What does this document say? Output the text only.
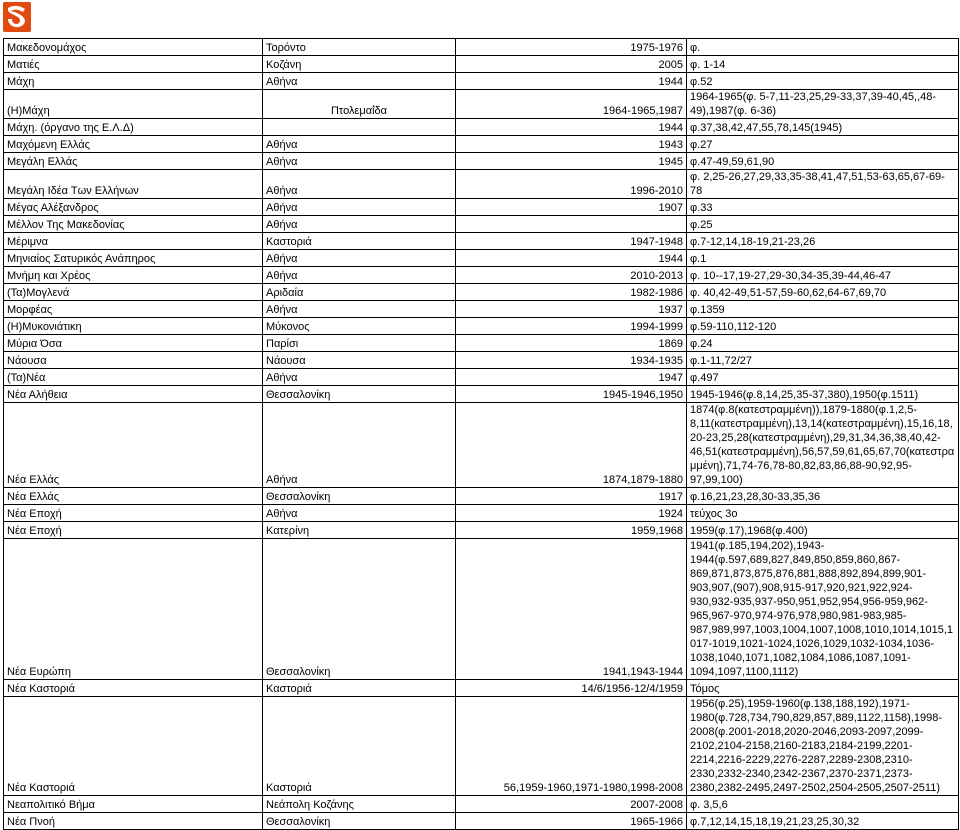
Μακεδονομάχος	Τορόντο	1975-1976	φ.
Ματιές	Κοζάνη	2005	φ. 1-14
Μάχη	Αθήνα	1944	φ.52
(Η)Μάχη	Πτολεμαΐδα	1964-1965,1987	1964-1965(φ. 5-7,11-23,25,29-33,37,39-40,45,,48-49),1987(φ. 6-36)
Μάχη. (όργανο της Ε.Λ.Δ)		1944	φ.37,38,42,47,55,78,145(1945)
Μαχόμενη Ελλάς	Αθήνα	1943	φ.27
Μεγάλη Ελλάς	Αθήνα	1945	φ.47-49,59,61,90
Μεγάλη Ιδέα Των Ελλήνων	Αθήνα	1996-2010	φ. 2,25-26,27,29,33,35-38,41,47,51,53-63,65,67-69-78
Μέγας Αλέξανδρος	Αθήνα	1907	φ.33
Μέλλον Της Μακεδονίας	Αθήνα		φ.25
Μέριμνα	Καστοριά	1947-1948	φ.7-12,14,18-19,21-23,26
Μηνιαίος Σατυρικός Ανάπηρος	Αθήνα	1944	φ.1
Μνήμη και Χρέος	Αθήνα	2010-2013	φ. 10--17,19-27,29-30,34-35,39-44,46-47
(Τα)Μογλενά	Αριδαία	1982-1986	φ. 40,42-49,51-57,59-60,62,64-67,69,70
Μορφέας	Αθήνα	1937	φ.1359
(Η)Μυκονιάτικη	Μύκονος	1994-1999	φ.59-110,112-120
Μύρια Όσα	Παρίσι	1869	φ.24
Νάουσα	Νάουσα	1934-1935	φ.1-11,72/27
(Τα)Νέα	Αθήνα	1947	φ.497
Νέα Αλήθεια	Θεσσαλονίκη	1945-1946,1950	1945-1946(φ.8,14,25,35-37,380),1950(φ.1511)
Νέα Ελλάς	Αθήνα	1874,1879-1880	1874(φ.8(κατεστραμμένη)),1879-1880(φ.1,2,5-8,11(κατεστραμμένη),13,14(κατεστραμμένη),15,16,18,20-23,25,28(κατεστραμμένη),29,31,34,36,38,40,42-46,51(κατεστραμμένη),56,57,59,61,65,67,70(κατεστραμμένη),71,74-76,78-80,82,83,86,88-90,92,95-97,99,100)
Νέα Ελλάς	Θεσσαλονίκη	1917	φ.16,21,23,28,30-33,35,36
Νέα Εποχή	Αθήνα	1924	τεύχος 3ο
Νέα Εποχή	Κατερίνη	1959,1968	1959(φ.17),1968(φ.400)
Νέα Ευρώπη	Θεσσαλονίκη	1941,1943-1944	1941(φ.185,194,202),1943-1944(φ.597,689,827,849,850,859,860,867-869,871,873,875,876,881,888,892,894,899,901-903,907,(907),908,915-917,920,921,922,924-930,932-935,937-950,951,952,954,956-959,962-965,967-970,974-976,978,980,981-983,985-987,989,997,1003,1004,1007,1008,1010,1014,1015,1017-1019,1021-1024,1026,1029,1032-1034,1036-1038,1040,1071,1082,1084,1086,1087,1091-1094,1097,1100,1112)
Νέα Καστοριά	Καστοριά	14/6/1956-12/4/1959	Τόμος
Νέα Καστοριά	Καστοριά	56,1959-1960,1971-1980,1998-2008	1956(φ.25),1959-1960(φ.138,188,192),1971-1980(φ.728,734,790,829,857,889,1122,1158),1998-2008(φ.2001-2018,2020-2046,2093-2097,2099-2102,2104-2158,2160-2183,2184-2199,2201-2214,2216-2229,2276-2287,2289-2308,2310-2330,2332-2340,2342-2367,2370-2371,2373-2380,2382-2495,2497-2502,2504-2505,2507-2511)
Νεαπολιτικό Βήμα	Νεάπολη Κοζάνης	2007-2008	φ. 3,5,6
Νέα Πνοή	Θεσσαλονίκη	1965-1966	φ.7,12,14,15,18,19,21,23,25,30,32
